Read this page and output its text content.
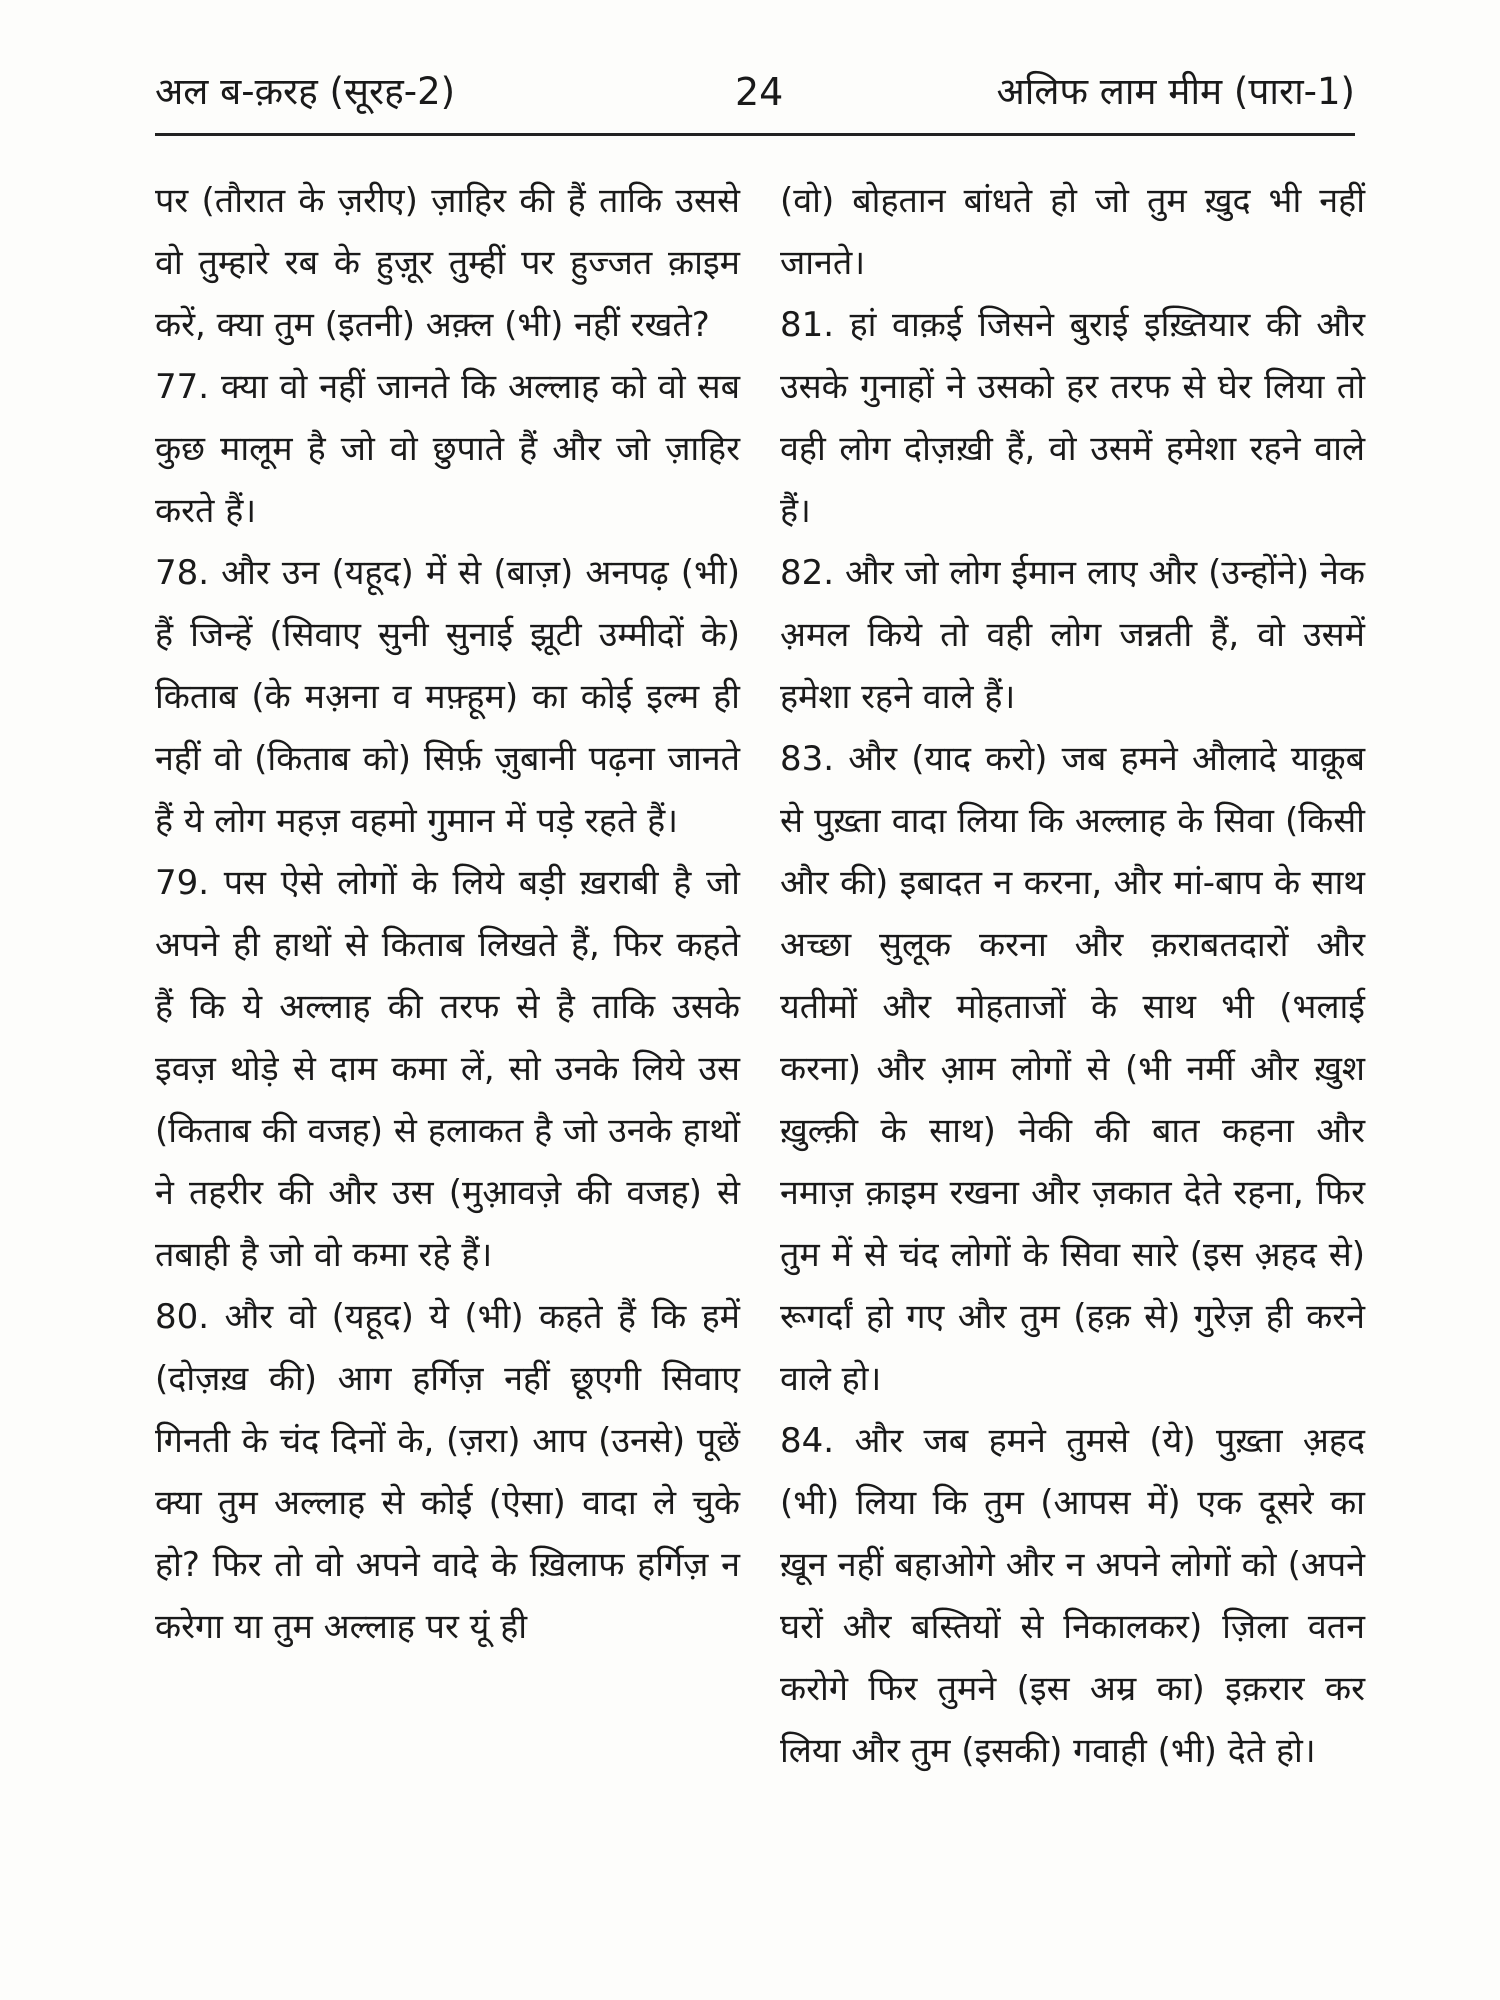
अल ब-क़रह (सूरह-2)	24	अलिफ लाम मीम (पारा-1)

पर (तौरात के ज़रीए) ज़ाहिर की हैं ताकि उससे वो तुम्हारे रब के हुज़ूर तुम्हीं पर हुज्जत क़ाइम करें, क्या तुम (इतनी) अक़्ल (भी) नहीं रखते?

77. क्या वो नहीं जानते कि अल्लाह को वो सब कुछ मालूम है जो वो छुपाते हैं और जो ज़ाहिर करते हैं।

78. और उन (यहूद) में से (बाज़) अनपढ़ (भी) हैं जिन्हें (सिवाए सुनी सुनाई झूटी उम्मीदों के) किताब (के मअ़ना व मफ़्हूम) का कोई इल्म ही नहीं वो (किताब को) सिर्फ़ ज़ुबानी पढ़ना जानते हैं ये लोग महज़ वहमो गुमान में पड़े रहते हैं।

79. पस ऐसे लोगों के लिये बड़ी ख़राबी है जो अपने ही हाथों से किताब लिखते हैं, फिर कहते हैं कि ये अल्लाह की तरफ से है ताकि उसके इवज़ थोड़े से दाम कमा लें, सो उनके लिये उस (किताब की वजह) से हलाकत है जो उनके हाथों ने तहरीर की और उस (मुआ़वज़े की वजह) से तबाही है जो वो कमा रहे हैं।

80. और वो (यहूद) ये (भी) कहते हैं कि हमें (दोज़ख़ की) आग हर्गिज़ नहीं छूएगी सिवाए गिनती के चंद दिनों के, (ज़रा) आप (उनसे) पूछें क्या तुम अल्लाह से कोई (ऐसा) वादा ले चुके हो? फिर तो वो अपने वादे के ख़िलाफ हर्गिज़ न करेगा या तुम अल्लाह पर यूं ही

(वो) बोहतान बांधते हो जो तुम ख़ुद भी नहीं जानते।

81. हां वाक़ई जिसने बुराई इख़्तियार की और उसके गुनाहों ने उसको हर तरफ से घेर लिया तो वही लोग दोज़ख़ी हैं, वो उसमें हमेशा रहने वाले हैं।

82. और जो लोग ईमान लाए और (उन्होंने) नेक अ़मल किये तो वही लोग जन्नती हैं, वो उसमें हमेशा रहने वाले हैं।

83. और (याद करो) जब हमने औलादे याक़ूब से पुख़्ता वादा लिया कि अल्लाह के सिवा (किसी और की) इबादत न करना, और मां-बाप के साथ अच्छा सुलूक करना और क़राबतदारों और यतीमों और मोहताजों के साथ भी (भलाई करना) और आ़म लोगों से (भी नर्मी और ख़ुश ख़ुल्क़ी के साथ) नेकी की बात कहना और नमाज़ क़ाइम रखना और ज़कात देते रहना, फिर तुम में से चंद लोगों के सिवा सारे (इस अ़हद से) रूगर्दां हो गए और तुम (हक़ से) गुरेज़ ही करने वाले हो।

84. और जब हमने तुमसे (ये) पुख़्ता अ़हद (भी) लिया कि तुम (आपस में) एक दूसरे का ख़ून नहीं बहाओगे और न अपने लोगों को (अपने घरों और बस्तियों से निकालकर) ज़िला वतन करोगे फिर तुमने (इस अम्र का) इक़रार कर लिया और तुम (इसकी) गवाही (भी) देते हो।
